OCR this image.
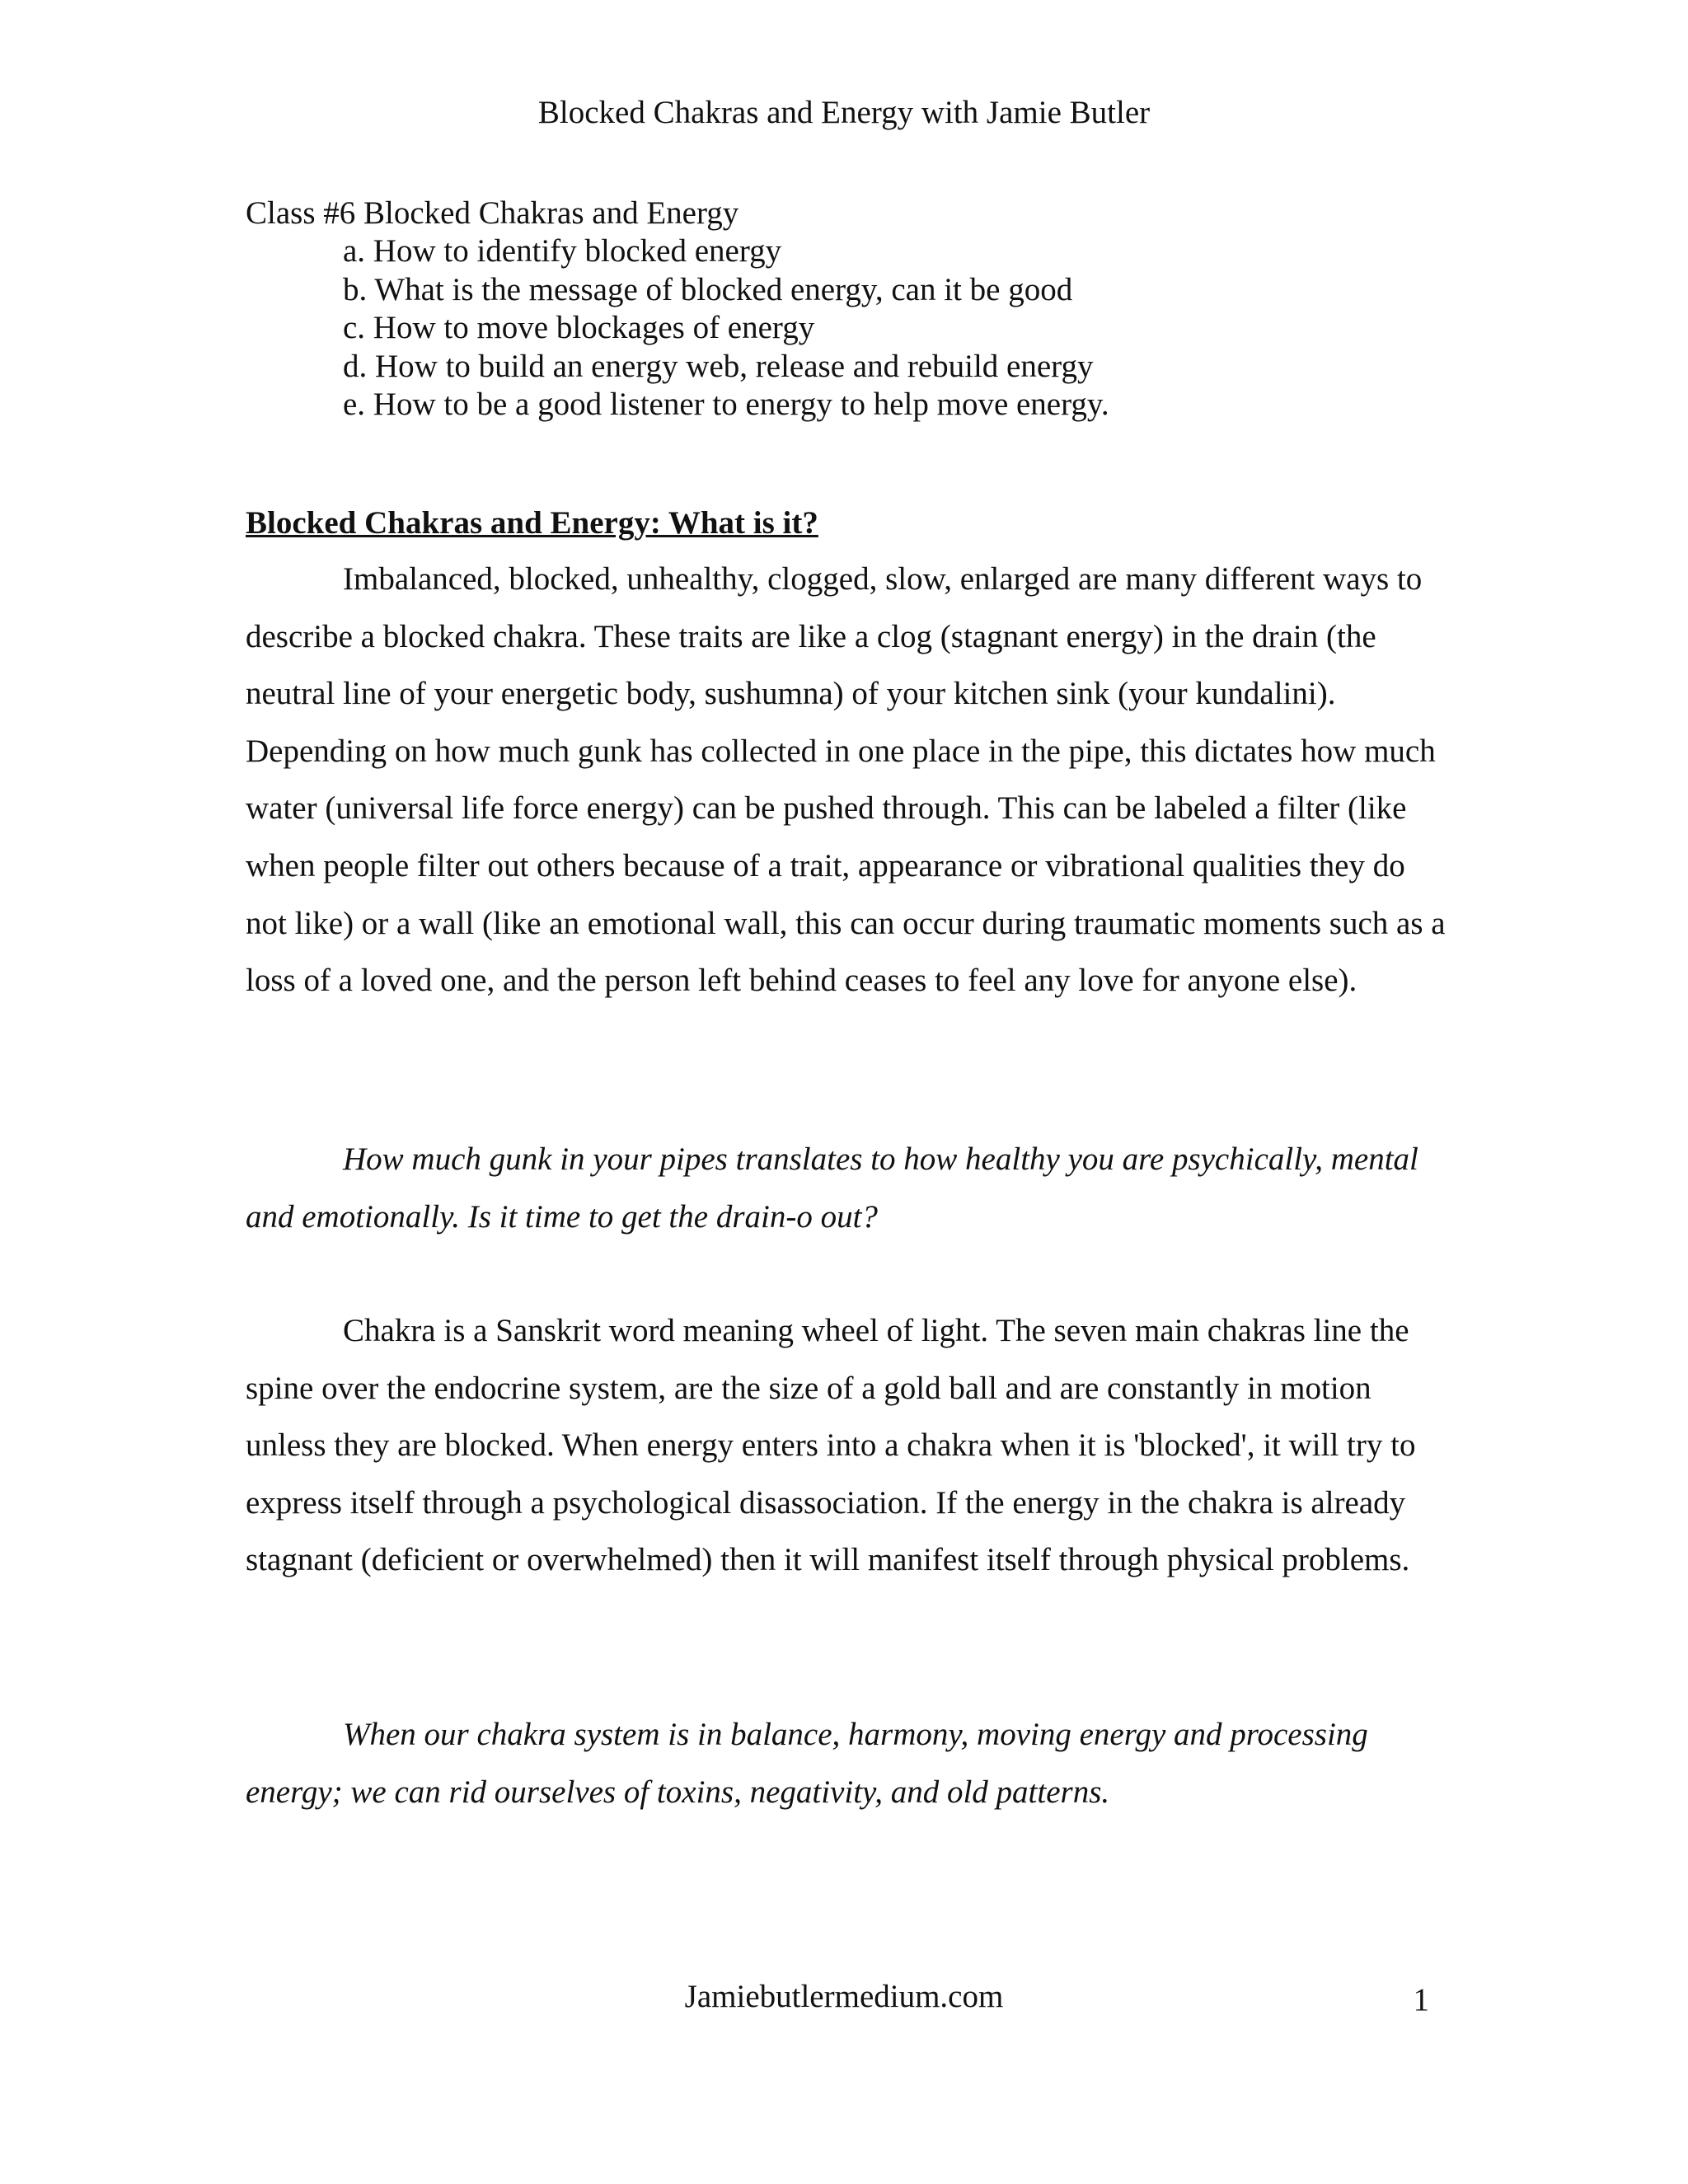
Blocked Chakras and Energy with Jamie Butler
Class #6 Blocked Chakras and Energy
a. How to identify blocked energy
b. What is the message of blocked energy, can it be good
c. How to move blockages of energy
d. How to build an energy web, release and rebuild energy
e. How to be a good listener to energy to help move energy.
Blocked Chakras and Energy: What is it?

Imbalanced, blocked, unhealthy, clogged, slow, enlarged are many different ways to describe a blocked chakra. These traits are like a clog (stagnant energy) in the drain (the neutral line of your energetic body, sushumna) of your kitchen sink (your kundalini). Depending on how much gunk has collected in one place in the pipe, this dictates how much water (universal life force energy) can be pushed through. This can be labeled a filter (like when people filter out others because of a trait, appearance or vibrational qualities they do not like) or a wall (like an emotional wall, this can occur during traumatic moments such as a loss of a loved one, and the person left behind ceases to feel any love for anyone else).

How much gunk in your pipes translates to how healthy you are psychically, mental and emotionally. Is it time to get the drain-o out?

Chakra is a Sanskrit word meaning wheel of light. The seven main chakras line the spine over the endocrine system, are the size of a gold ball and are constantly in motion unless they are blocked. When energy enters into a chakra when it is 'blocked', it will try to express itself through a psychological disassociation. If the energy in the chakra is already stagnant (deficient or overwhelmed) then it will manifest itself through physical problems.

When our chakra system is in balance, harmony, moving energy and processing energy; we can rid ourselves of toxins, negativity, and old patterns.

Jamiebutlermedium.com	1
